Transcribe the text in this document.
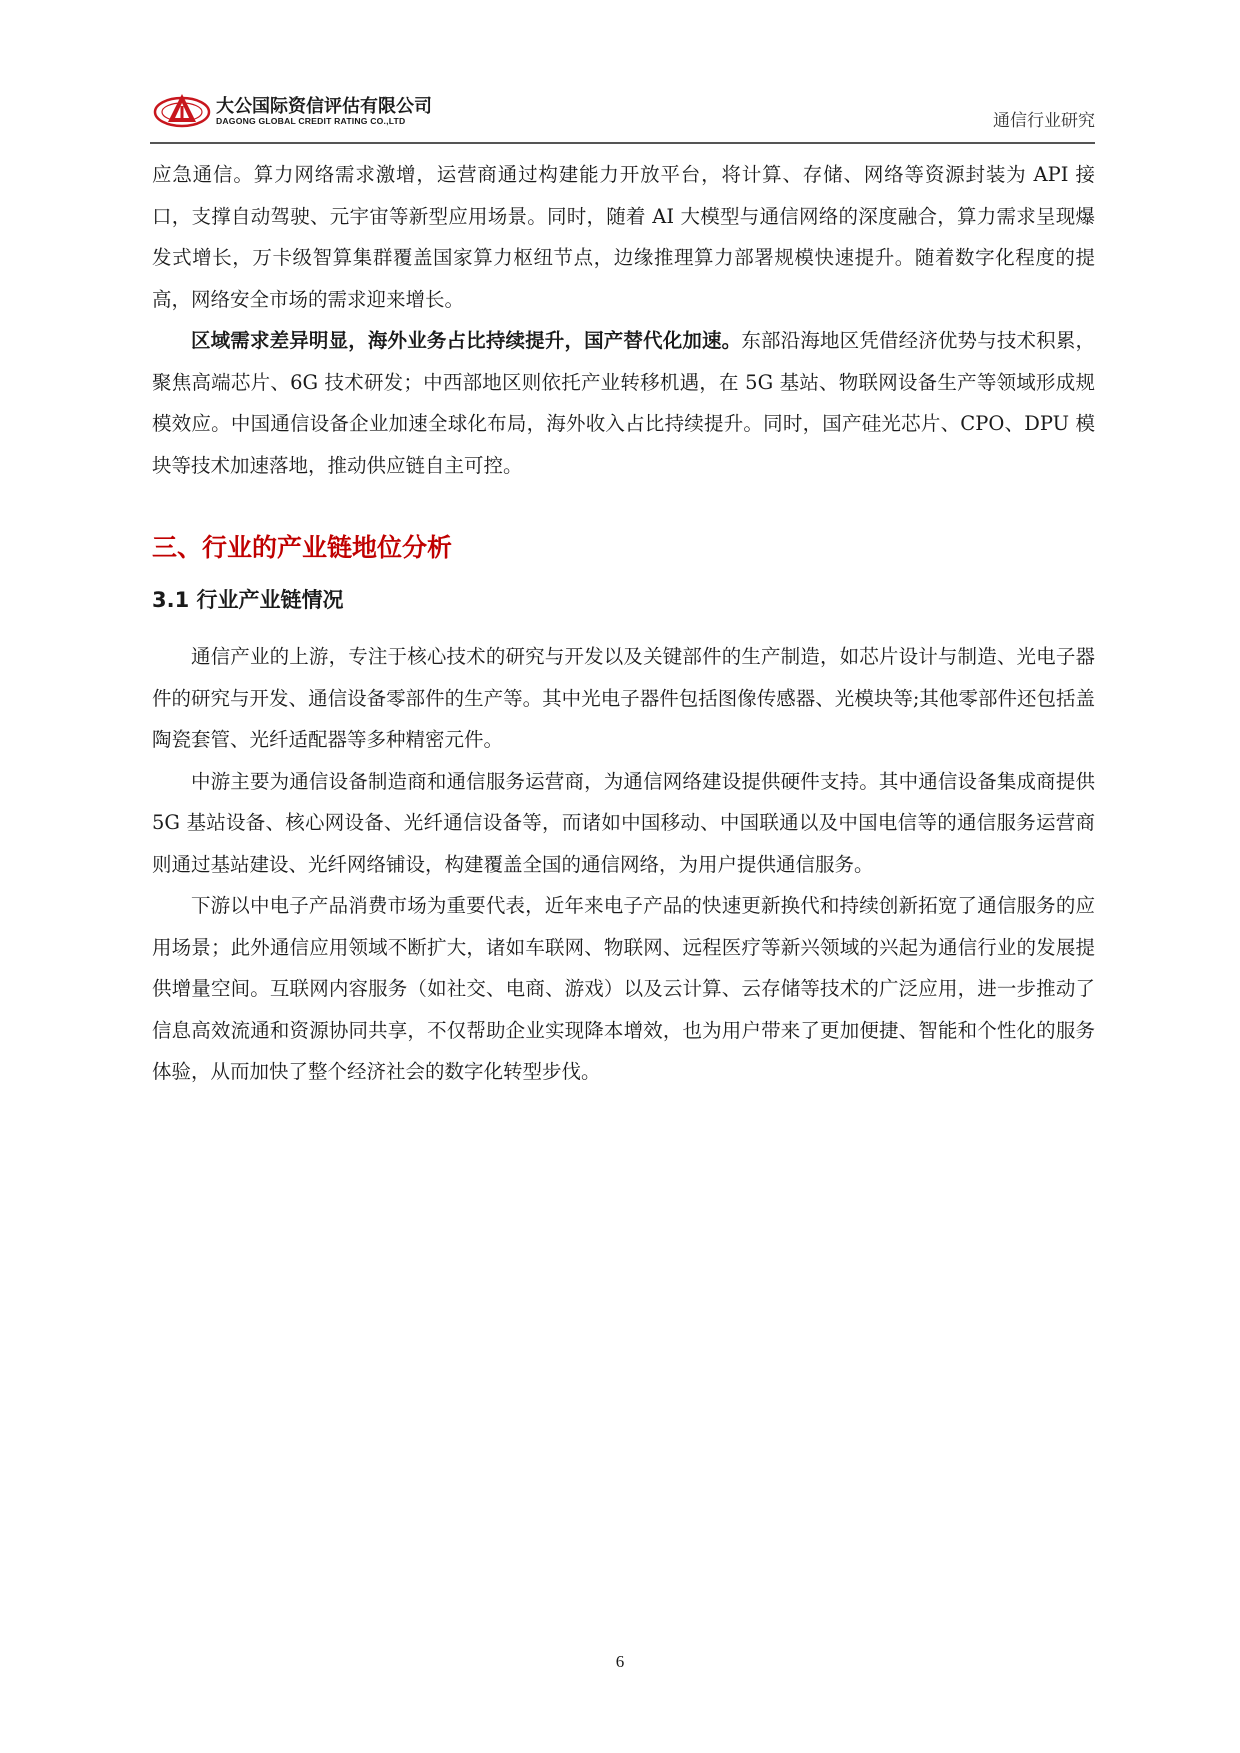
大公国际资信评估有限公司
DAGONG GLOBAL CREDIT RATING CO.,LTD	通信行业研究

应急通信。算力网络需求激增，运营商通过构建能力开放平台，将计算、存储、网络等资源封装为 API 接口，支撑自动驾驶、元宇宙等新型应用场景。同时，随着 AI 大模型与通信网络的深度融合，算力需求呈现爆发式增长，万卡级智算集群覆盖国家算力枢纽节点，边缘推理算力部署规模快速提升。随着数字化程度的提高，网络安全市场的需求迎来增长。

区域需求差异明显，海外业务占比持续提升，国产替代化加速。东部沿海地区凭借经济优势与技术积累，聚焦高端芯片、6G 技术研发；中西部地区则依托产业转移机遇，在 5G 基站、物联网设备生产等领域形成规模效应。中国通信设备企业加速全球化布局，海外收入占比持续提升。同时，国产硅光芯片、CPO、DPU 模块等技术加速落地，推动供应链自主可控。

三、行业的产业链地位分析
3.1 行业产业链情况

通信产业的上游，专注于核心技术的研究与开发以及关键部件的生产制造，如芯片设计与制造、光电子器件的研究与开发、通信设备零部件的生产等。其中光电子器件包括图像传感器、光模块等;其他零部件还包括盖陶瓷套管、光纤适配器等多种精密元件。

中游主要为通信设备制造商和通信服务运营商，为通信网络建设提供硬件支持。其中通信设备集成商提供 5G 基站设备、核心网设备、光纤通信设备等，而诸如中国移动、中国联通以及中国电信等的通信服务运营商则通过基站建设、光纤网络铺设，构建覆盖全国的通信网络，为用户提供通信服务。

下游以中电子产品消费市场为重要代表，近年来电子产品的快速更新换代和持续创新拓宽了通信服务的应用场景；此外通信应用领域不断扩大，诸如车联网、物联网、远程医疗等新兴领域的兴起为通信行业的发展提供增量空间。互联网内容服务（如社交、电商、游戏）以及云计算、云存储等技术的广泛应用，进一步推动了信息高效流通和资源协同共享，不仅帮助企业实现降本增效，也为用户带来了更加便捷、智能和个性化的服务体验，从而加快了整个经济社会的数字化转型步伐。

6
